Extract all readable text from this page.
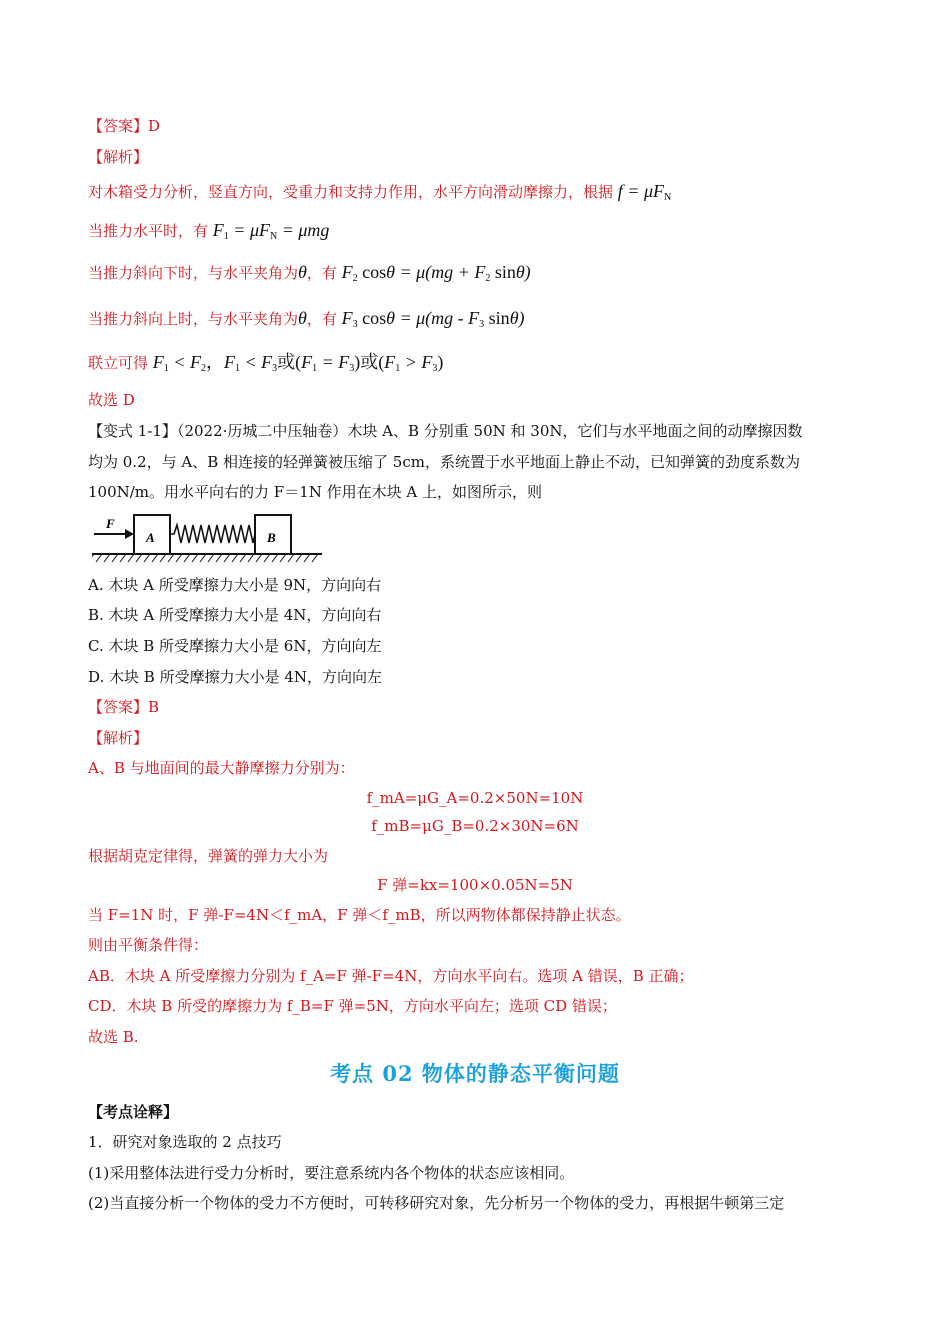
【答案】D
【解析】
对木箱受力分析，竖直方向，受重力和支持力作用，水平方向滑动摩擦力，根据 $f = \mu F_N$
当推力水平时，有 $F_1 = \mu F_N = \mu mg$
当推力斜向下时，与水平夹角为θ，有 $F_2$ $\cos\theta = \mu(mg + F_2$ sinθ)
当推力斜向上时，与水平夹角为θ，有 $F_3$ $\cos\theta = \mu(mg - F_3$ sinθ)
联立可得 $F_1 < F_2$，$F_1 < F_3$或$(F_1 = F_3)$或$(F_1 > F_3)$
故选 D
【变式 1-1】（2022·历城二中压轴卷）木块 A、B 分别重 50N 和 30N，它们与水平地面之间的动摩擦因数
均为 0.2，与 A、B 相连接的轻弹簧被压缩了 5cm，系统置于水平地面上静止不动，已知弹簧的劲度系数为
100N/m。用水平向右的力 F＝1N 作用在木块 A 上，如图所示，则
F
A	B
A. 木块 A 所受摩擦力大小是 9N，方向向右
B. 木块 A 所受摩擦力大小是 4N，方向向右
C. 木块 B 所受摩擦力大小是 6N，方向向左
D. 木块 B 所受摩擦力大小是 4N，方向向左
【答案】B
【解析】
A、B 与地面间的最大静摩擦力分别为：
f_mA=μG_A=0.2×50N=10N
f_mB=μG_B=0.2×30N=6N
根据胡克定律得，弹簧的弹力大小为
F 弹=kx=100×0.05N=5N
当 F=1N 时，F 弹-F=4N＜f_mA，F 弹＜f_mB，所以两物体都保持静止状态。
则由平衡条件得：
AB．木块 A 所受摩擦力分别为 f_A=F 弹-F=4N，方向水平向右。选项 A 错误，B 正确；
CD．木块 B 所受的摩擦力为 f_B=F 弹=5N，方向水平向左；选项 CD 错误；
故选 B.
考点 02 物体的静态平衡问题
【考点诠释】
1．研究对象选取的 2 点技巧
(1)采用整体法进行受力分析时，要注意系统内各个物体的状态应该相同。
(2)当直接分析一个物体的受力不方便时，可转移研究对象，先分析另一个物体的受力，再根据牛顿第三定
